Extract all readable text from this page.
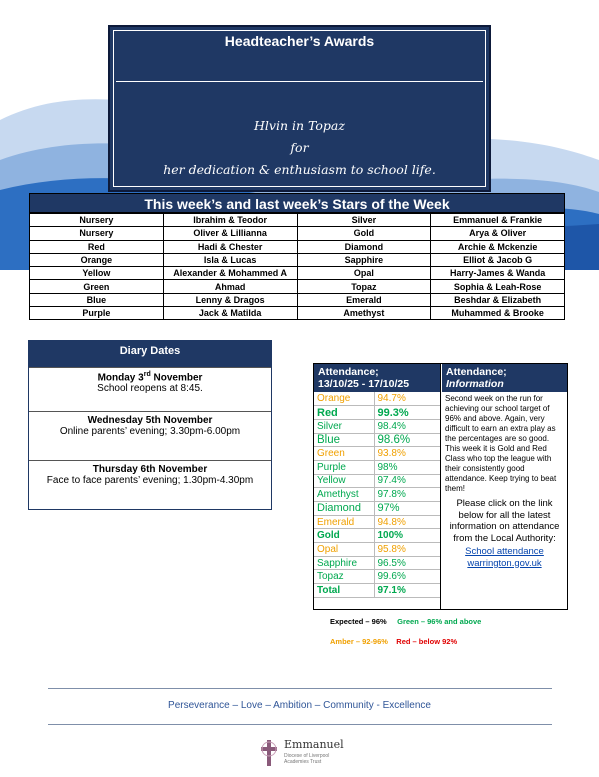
Headteacher’s Awards
Hlvin in Topaz
for
her dedication & enthusiasm to school life.
This week’s and last week’s Stars of the Week
Nursery	Ibrahim & Teodor	Silver	Emmanuel & Frankie
Nursery	Oliver & Lillianna	Gold	Arya & Oliver
Red	Hadi & Chester	Diamond	Archie & Mckenzie
Orange	Isla & Lucas	Sapphire	Elliot & Jacob G
Yellow	Alexander & Mohammed A	Opal	Harry-James & Wanda
Green	Ahmad	Topaz	Sophia & Leah-Rose
Blue	Lenny & Dragos	Emerald	Beshdar & Elizabeth
Purple	Jack & Matilda	Amethyst	Muhammed & Brooke
Diary Dates
Monday 3rd November
School reopens at 8:45.
Wednesday 5th November
Online parents’ evening; 3.30pm-6.00pm
Thursday 6th November
Face to face parents’ evening; 1.30pm-4.30pm
Attendance;
13/10/25 - 17/10/25
Orange	94.7%
Red	99.3%
Silver	98.4%
Blue	98.6%
Green	93.8%
Purple	98%
Yellow	97.4%
Amethyst	97.8%
Diamond	97%
Emerald	94.8%
Gold	100%
Opal	95.8%
Sapphire	96.5%
Topaz	99.6%
Total	97.1%
Attendance;
Information
Second week on the run for achieving our school target of 96% and above. Again, very difficult to earn an extra play as the percentages are so good. This week it is Gold and Red Class who top the league with their consistently good attendance. Keep trying to beat them!
Please click on the link below for all the latest information on attendance from the Local Authority:
School attendance warrington.gov.uk
Expected – 96% Green – 96% and above
Amber – 92-96% Red – below 92%
Perseverance – Love – Ambition – Community - Excellence
Emmanuel
Diocese of Liverpool Academies Trust
